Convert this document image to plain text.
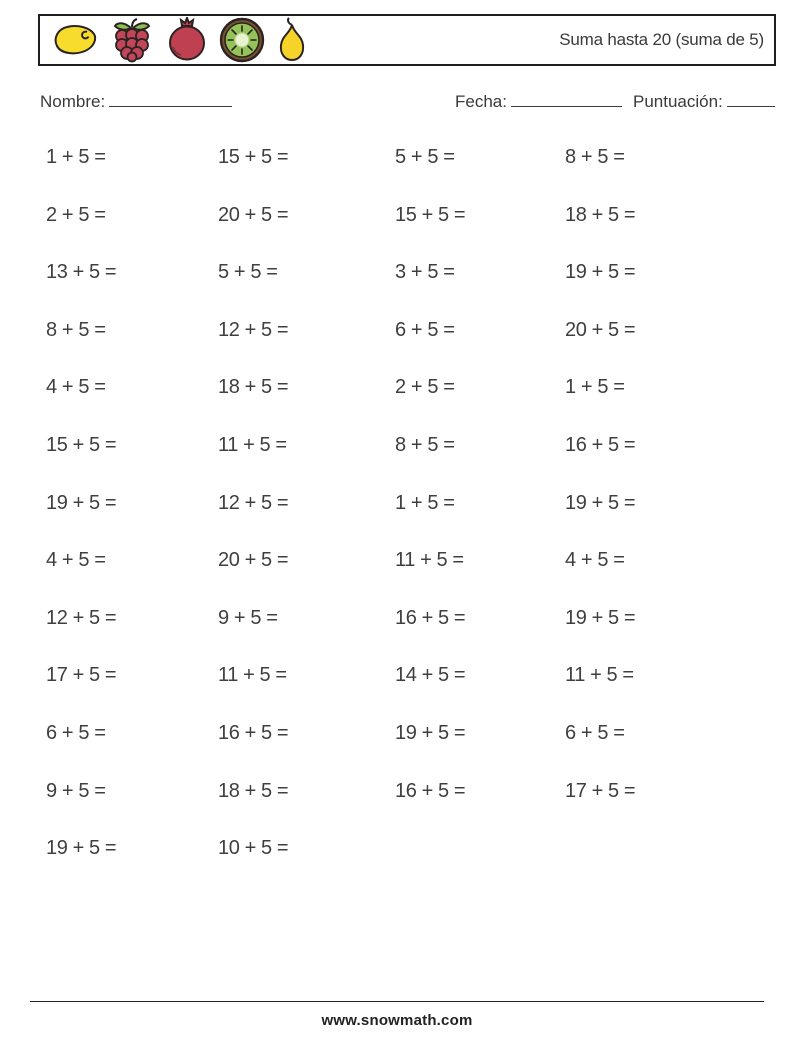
Suma hasta 20 (suma de 5)
Nombre:	Fecha:	Puntuación:
1 + 5 =	15 + 5 =	5 + 5 =	8 + 5 =
2 + 5 =	20 + 5 =	15 + 5 =	18 + 5 =
13 + 5 =	5 + 5 =	3 + 5 =	19 + 5 =
8 + 5 =	12 + 5 =	6 + 5 =	20 + 5 =
4 + 5 =	18 + 5 =	2 + 5 =	1 + 5 =
15 + 5 =	11 + 5 =	8 + 5 =	16 + 5 =
19 + 5 =	12 + 5 =	1 + 5 =	19 + 5 =
4 + 5 =	20 + 5 =	11 + 5 =	4 + 5 =
12 + 5 =	9 + 5 =	16 + 5 =	19 + 5 =
17 + 5 =	11 + 5 =	14 + 5 =	11 + 5 =
6 + 5 =	16 + 5 =	19 + 5 =	6 + 5 =
9 + 5 =	18 + 5 =	16 + 5 =	17 + 5 =
19 + 5 =	10 + 5 =
www.snowmath.com
